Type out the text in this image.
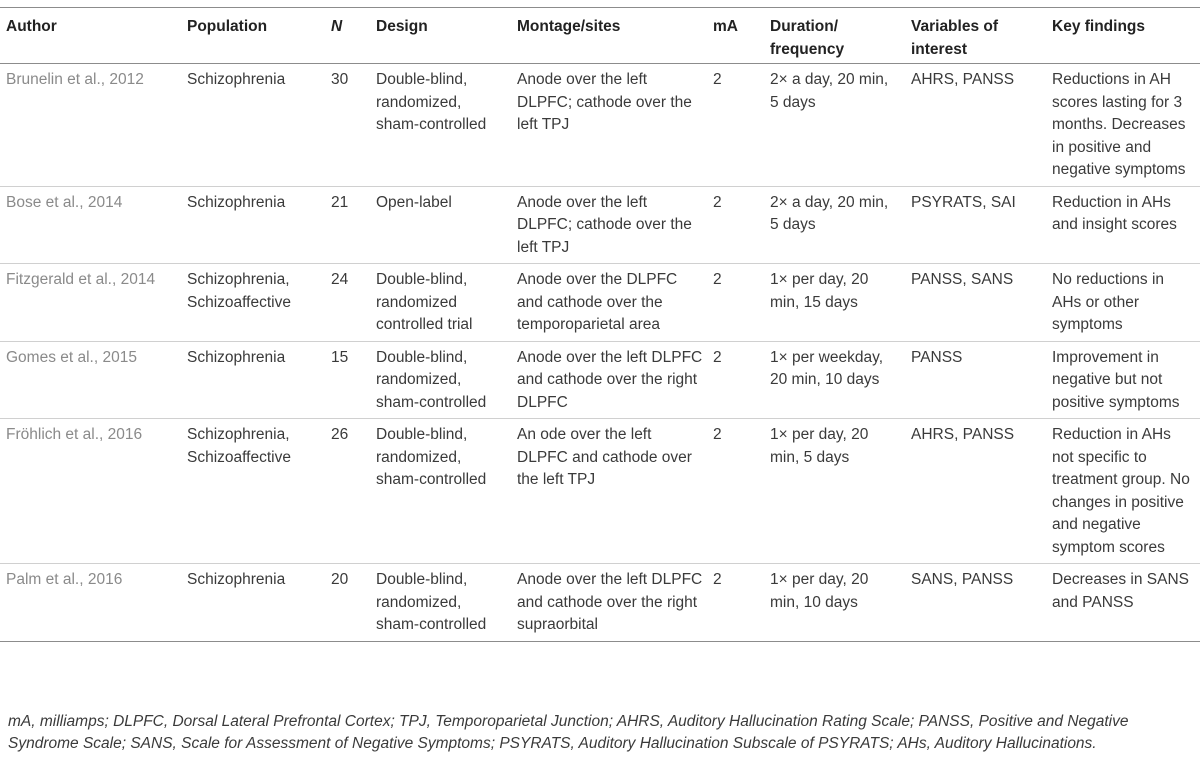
Author	Population	N	Design	Montage/sites	mA	Duration/ frequency	Variables of interest	Key findings
Brunelin et al., 2012	Schizophrenia	30	Double-blind, randomized, sham-controlled	Anode over the left DLPFC; cathode over the left TPJ	2	2× a day, 20 min, 5 days	AHRS, PANSS	Reductions in AH scores lasting for 3 months. Decreases in positive and negative symptoms
Bose et al., 2014	Schizophrenia	21	Open-label	Anode over the left DLPFC; cathode over the left TPJ	2	2× a day, 20 min, 5 days	PSYRATS, SAI	Reduction in AHs and insight scores
Fitzgerald et al., 2014	Schizophrenia, Schizoaffective	24	Double-blind, randomized controlled trial	Anode over the DLPFC and cathode over the temporoparietal area	2	1× per day, 20 min, 15 days	PANSS, SANS	No reductions in AHs or other symptoms
Gomes et al., 2015	Schizophrenia	15	Double-blind, randomized, sham-controlled	Anode over the left DLPFC and cathode over the right DLPFC	2	1× per weekday, 20 min, 10 days	PANSS	Improvement in negative but not positive symptoms
Fröhlich et al., 2016	Schizophrenia, Schizoaffective	26	Double-blind, randomized, sham-controlled	An ode over the left DLPFC and cathode over the left TPJ	2	1× per day, 20 min, 5 days	AHRS, PANSS	Reduction in AHs not specific to treatment group. No changes in positive and negative symptom scores
Palm et al., 2016	Schizophrenia	20	Double-blind, randomized, sham-controlled	Anode over the left DLPFC and cathode over the right supraorbital	2	1× per day, 20 min, 10 days	SANS, PANSS	Decreases in SANS and PANSS
mA, milliamps; DLPFC, Dorsal Lateral Prefrontal Cortex; TPJ, Temporoparietal Junction; AHRS, Auditory Hallucination Rating Scale; PANSS, Positive and Negative Syndrome Scale; SANS, Scale for Assessment of Negative Symptoms; PSYRATS, Auditory Hallucination Subscale of PSYRATS; AHs, Auditory Hallucinations.
